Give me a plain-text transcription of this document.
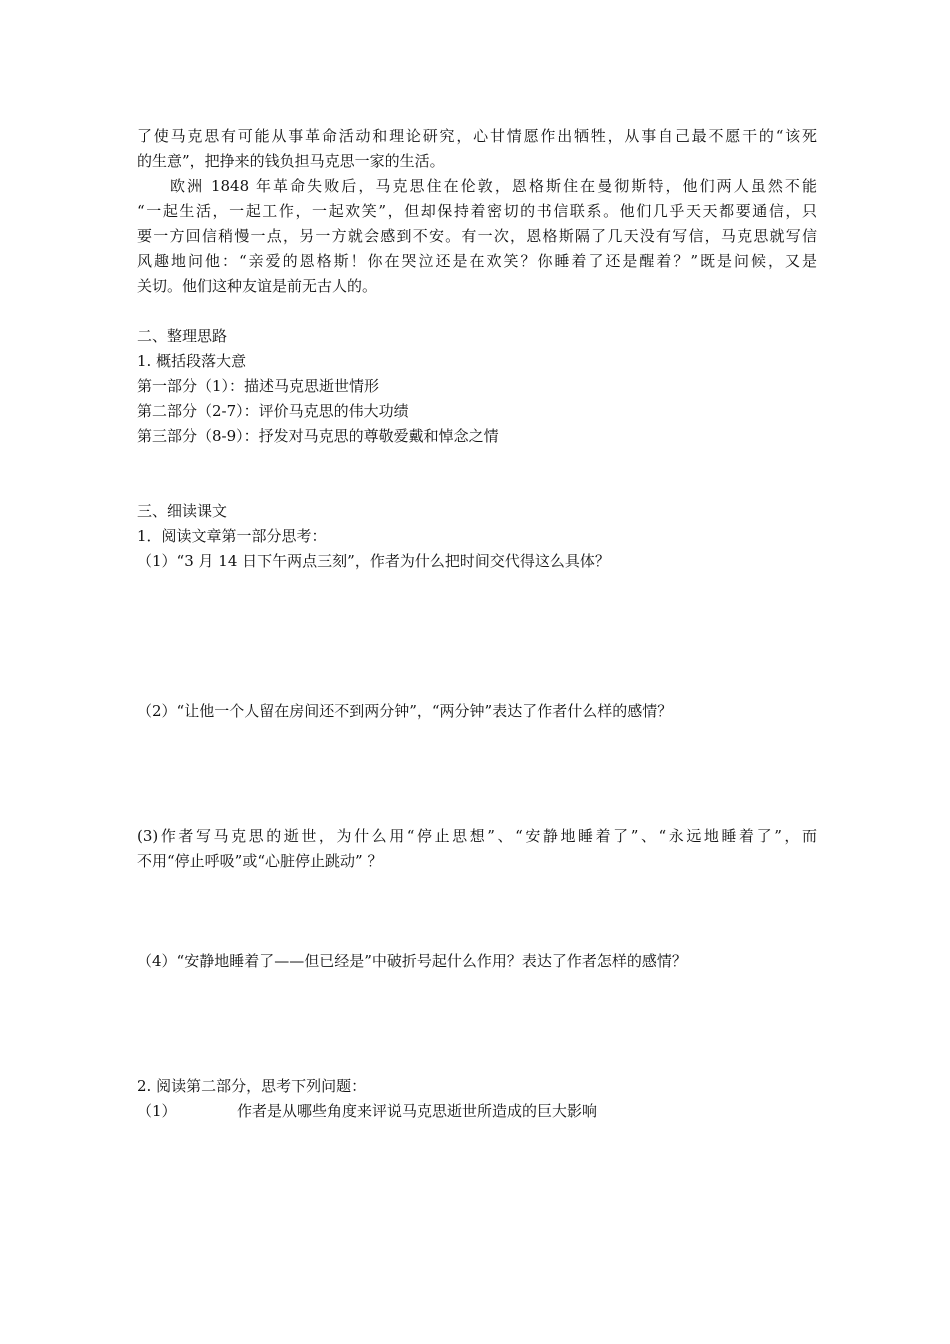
了使马克思有可能从事革命活动和理论研究，心甘情愿作出牺牲，从事自己最不愿干的“该死
的生意”，把挣来的钱负担马克思一家的生活。
欧洲 1848 年革命失败后，马克思住在伦敦，恩格斯住在曼彻斯特，他们两人虽然不能
“一起生活，一起工作，一起欢笑”，但却保持着密切的书信联系。他们几乎天天都要通信，只
要一方回信稍慢一点，另一方就会感到不安。有一次，恩格斯隔了几天没有写信，马克思就写信
风趣地问他：“亲爱的恩格斯！你在哭泣还是在欢笑？你睡着了还是醒着？”既是问候，又是
关切。他们这种友谊是前无古人的。
二、整理思路
1. 概括段落大意
第一部分（1）：描述马克思逝世情形
第二部分（2-7）：评价马克思的伟大功绩
第三部分（8-9）：抒发对马克思的尊敬爱戴和悼念之情
三、细读课文
1．阅读文章第一部分思考：
（1）“3 月 14 日下午两点三刻”，作者为什么把时间交代得这么具体？
（2）“让他一个人留在房间还不到两分钟”，“两分钟”表达了作者什么样的感情？
(3)作者写马克思的逝世，为什么用“停止思想”、“安静地睡着了”、“永远地睡着了”，而
不用“停止呼吸”或“心脏停止跳动” ？
（4）“安静地睡着了——但已经是”中破折号起什么作用？表达了作者怎样的感情？
2. 阅读第二部分，思考下列问题：
（1）	作者是从哪些角度来评说马克思逝世所造成的巨大影响
